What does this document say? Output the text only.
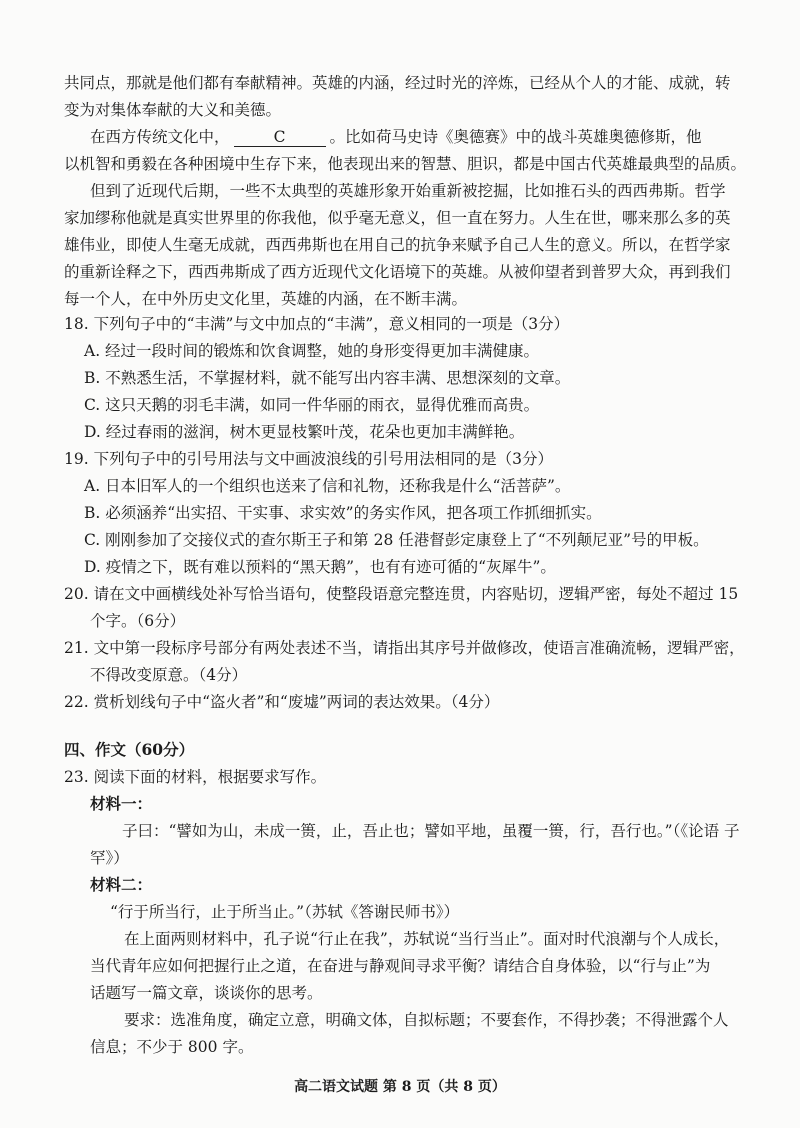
共同点，那就是他们都有奉献精神。英雄的内涵，经过时光的淬炼，已经从个人的才能、成就，转
变为对集体奉献的大义和美德。
在西方传统文化中，	C	。比如荷马史诗《奥德赛》中的战斗英雄奥德修斯，他
以机智和勇毅在各种困境中生存下来，他表现出来的智慧、胆识，都是中国古代英雄最典型的品质。
但到了近现代后期，一些不太典型的英雄形象开始重新被挖掘，比如推石头的西西弗斯。哲学
家加缪称他就是真实世界里的你我他，似乎毫无意义，但一直在努力。人生在世，哪来那么多的英
雄伟业，即使人生毫无成就，西西弗斯也在用自己的抗争来赋予自己人生的意义。所以，在哲学家
的重新诠释之下，西西弗斯成了西方近现代文化语境下的英雄。从被仰望者到普罗大众，再到我们
每一个人，在中外历史文化里，英雄的内涵，在不断丰满。
18. 下列句子中的“丰满”与文中加点的“丰满”，意义相同的一项是（3分）
A. 经过一段时间的锻炼和饮食调整，她的身形变得更加丰满健康。
B. 不熟悉生活，不掌握材料，就不能写出内容丰满、思想深刻的文章。
C. 这只天鹅的羽毛丰满，如同一件华丽的雨衣，显得优雅而高贵。
D. 经过春雨的滋润，树木更显枝繁叶茂，花朵也更加丰满鲜艳。
19. 下列句子中的引号用法与文中画波浪线的引号用法相同的是（3分）
A. 日本旧军人的一个组织也送来了信和礼物，还称我是什么“活菩萨”。
B. 必须涵养“出实招、干实事、求实效”的务实作风，把各项工作抓细抓实。
C. 刚刚参加了交接仪式的查尔斯王子和第 28 任港督彭定康登上了“不列颠尼亚”号的甲板。
D. 疫情之下，既有难以预料的“黑天鹅”，也有有迹可循的“灰犀牛”。
20. 请在文中画横线处补写恰当语句，使整段语意完整连贯，内容贴切，逻辑严密，每处不超过 15
个字。（6分）
21. 文中第一段标序号部分有两处表述不当，请指出其序号并做修改，使语言准确流畅，逻辑严密，
不得改变原意。（4分）
22. 赏析划线句子中“盗火者”和“废墟”两词的表达效果。（4分）
四、作文（60分）
23. 阅读下面的材料，根据要求写作。
材料一：
子曰：“譬如为山，未成一篑，止，吾止也；譬如平地，虽覆一篑，行，吾行也。”（《论语 子
罕》）
材料二：
“行于所当行，止于所当止。”（苏轼《答谢民师书》）
在上面两则材料中，孔子说“行止在我”，苏轼说“当行当止”。面对时代浪潮与个人成长，
当代青年应如何把握行止之道，在奋进与静观间寻求平衡？请结合自身体验，以“行与止”为
话题写一篇文章，谈谈你的思考。
要求：选准角度，确定立意，明确文体，自拟标题；不要套作，不得抄袭；不得泄露个人
信息；不少于 800 字。
高二语文试题 第 8 页（共 8 页）
